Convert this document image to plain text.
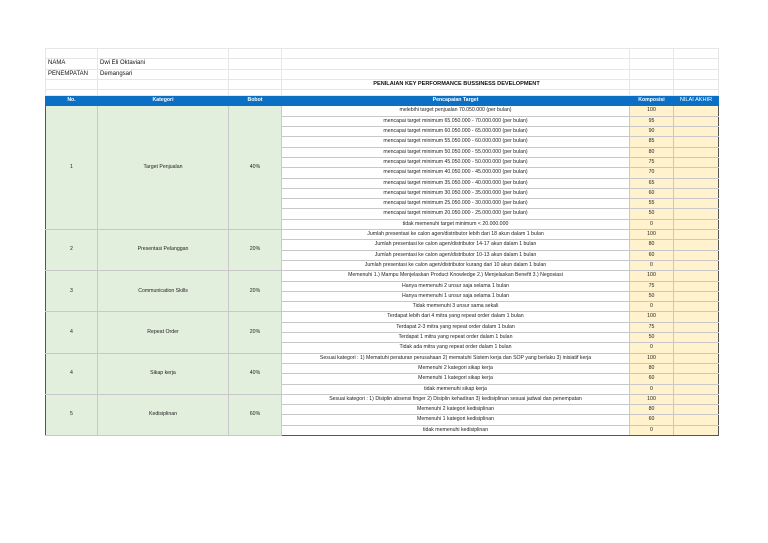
NAMA	Dwi Eli Oktaviani					
PENEMPATAN	Demangsari					
			PENILAIAN KEY PERFORMANCE BUSSINESS DEVELOPMENT			

No.	Kategori	Bobot	Pencapaian Target	Komposisi	NILAI AKHIR	
1	Target Penjualan	40%	melebihi target penjualan 70.050.000 (per bulan)	100		
			mencapai target minimum 65.050.000 - 70.000.000 (per bulan)	95		
			mencapai target minimum 60.050.000 - 65.000.000 (per bulan)	90		
			mencapai target minimum 55.050.000 - 60.000.000 (per bulan)	85		
			mencapai target minimum 50.050.000 - 55.000.000 (per bulan)	80		
			mencapai target minimum 45.050.000 - 50.000.000 (per bulan)	75		
			mencapai target minimum 40.050.000 - 45.000.000 (per bulan)	70		
			mencapai target minimum 35.050.000 - 40.000.000 (per bulan)	65		
			mencapai target minimum 30.050.000 - 35.000.000 (per bulan)	60		
			mencapai target minimum 25.050.000 - 30.000.000 (per bulan)	55		
			mencapai target minimum 20.050.000 - 25.000.000 (per bulan)	50		
			tidak memenuhi target minimum < 20.000.000	0		
2	Presentasi Pelanggan	20%	Jumlah presentasi ke calon agen/distributor lebih dari 18 akun dalam 1 bulan	100		
			Jumlah presentasi ke calon agen/distributor 14-17 akun dalam 1 bulan	80		
			Jumlah presentasi ke calon agen/distributor 10-13 akun dalam 1 bulan	60		
			Jumlah presentasi ke calon agen/distributor kurang dari 10 akun dalam 1 bulan	0		
3	Communication Skills	20%	Memenuhi 1.) Mampu Menjelaskan Product Knowledge 2.) Menjelaskan Benefit 3.) Negosiasi	100		
			Hanya memenuhi 2 unsur saja selama 1 bulan	75		
			Hanya memenuhi 1 unsur saja selama 1 bulan	50		
			Tidak memenuhi 3 unsur sama sekali	0		
4	Repeat Order	20%	Terdapat lebih dari 4 mitra yang repeat order dalam 1 bulan	100		
			Terdapat 2-3 mitra yang repeat order dalam 1 bulan	75		
			Terdapat 1 mitra yang repeat order dalam 1 bulan	50		
			Tidak ada mitra yang repeat order dalam 1 bulan	0		
4	Sikap kerja	40%	Sesuai kategori : 1) Mematuhi peraturan perusahaan 2) mematuhi Sistem kerja dan SOP yang berlaku 3) inisiatif kerja	100		
			Memenuhi 2 kategori sikap kerja	80		
			Memenuhi 1 kategori sikap kerja	60		
			tidak memenuhi sikap kerja	0		
5	Kedisiplinan	60%	Sesuai kategori : 1) Disiplin absensi finger 2) Disiplin kehadiran 3) kedisiplinan sesuai jadwal dan penempatan	100		
			Memenuhi 2 kategori kedisiplinan	80		
			Memenuhi 1 kategori kedisiplinan	60		
			tidak memenuhi kedisiplinan	0		
